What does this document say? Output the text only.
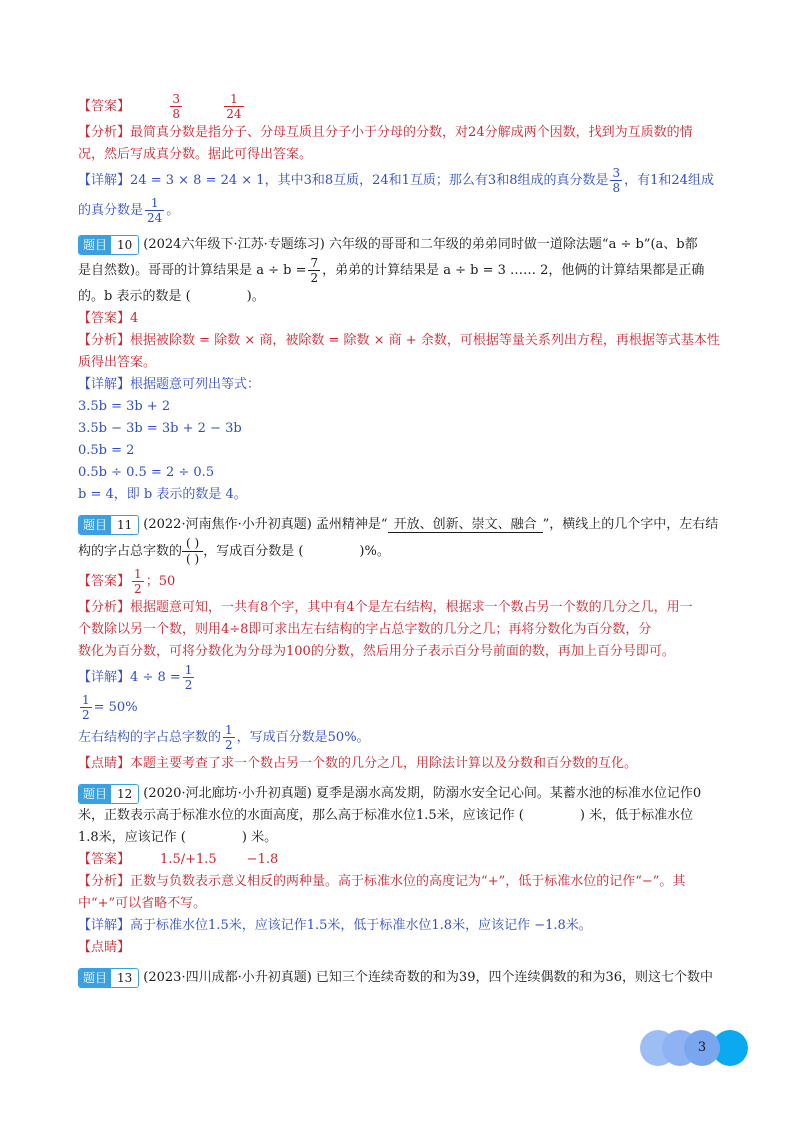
【 答案 】	$\frac{3}{8}$
	$\frac{1}{24}$
【 分析 】 最简真分数是指分子、分母互质且分子小于分母的分数，对24分解成两个因数，找到为互质数的情
况，然后写成真分数。据此可得出答案。
【 详解 】 24 = 3 × 8 = 24 × 1，其中3和8互质，24和1互质；那么有3和8组成的真分数是 $\frac{3}{8}$ ，有1和24组成
的真分数是 $\frac{1}{24}$ 。
题目 10 (2024六年级下·江苏·专题练习) 六年级的哥哥和二年级的弟弟同时做一道除法题“a ÷ b”(a、b都
是自然数)。哥哥的计算结果是 $a \div b = \frac{7}{2}$ ，弟弟的计算结果是 a ÷ b = 3 …… 2，他俩的计算结果都是正确
的。b 表示的数是 (	)。
【 答案 】 4
【 分析 】 根据被除数 = 除数 × 商，被除数 = 除数 × 商 + 余数，可根据等量关系列出方程，再根据等式基本性
质得出答案。
【 详解 】 根据题意可列出等式：
3.5b = 3b + 2
3.5b − 3b = 3b + 2 − 3b
0.5b = 2
0.5b ÷ 0.5 = 2 ÷ 0.5
b = 4，即 b 表示的数是 4。
题目 11 (2022·河南焦作·小升初真题) 孟州精神是“ 开放、创新、崇文、融合 ”，横线上的几个字中，左右结
构的字占总字数的
( )
( ) ，写成百分数是 (	)%。
【 答案 】 $\frac{1}{2}$ ；50
【 分析 】 根据题意可知，一共有8个字，其中有4个是左右结构，根据求一个数占另一个数的几分之几，用一
个数除以另一个数，则用4÷8即可求出左右结构的字占总字数的几分之几；再将分数化为百分数，分
数化为百分数，可将分数化为分母为100的分数，然后用分子表示百分号前面的数，再加上百分号即可。
【 详解 】 $4 \div 8 = \frac{1}{2}$
$\frac{1}{2} = 50\%$
左右结构的字占总字数的 $\frac{1}{2}$ ，写成百分数是50%。
【 点睛 】 本题主要考查了求一个数占另一个数的几分之几，用除法计算以及分数和百分数的互化。
题目 12 (2020·河北廊坊·小升初真题) 夏季是溺水高发期，防溺水安全记心间。某蓄水池的标准水位记作0
米，正数表示高于标准水位的水面高度，那么高于标准水位1.5米，应该记作 (	) 米，低于标准水位
1.8米，应该记作 (	) 米。
【 答案 】	1.5/+1.5 −1.8
【 分析 】 正数与负数表示意义相反的两种量。高于标准水位的高度记为“+”，低于标准水位的记作“−”。其
中“+”可以省略不写。
【 详解 】 高于标准水位1.5米，应该记作1.5米，低于标准水位1.8米，应该记作 −1.8米。
【 点睛 】
题目 13 (2023·四川成都·小升初真题) 已知三个连续奇数的和为39，四个连续偶数的和为36，则这七个数中
3
